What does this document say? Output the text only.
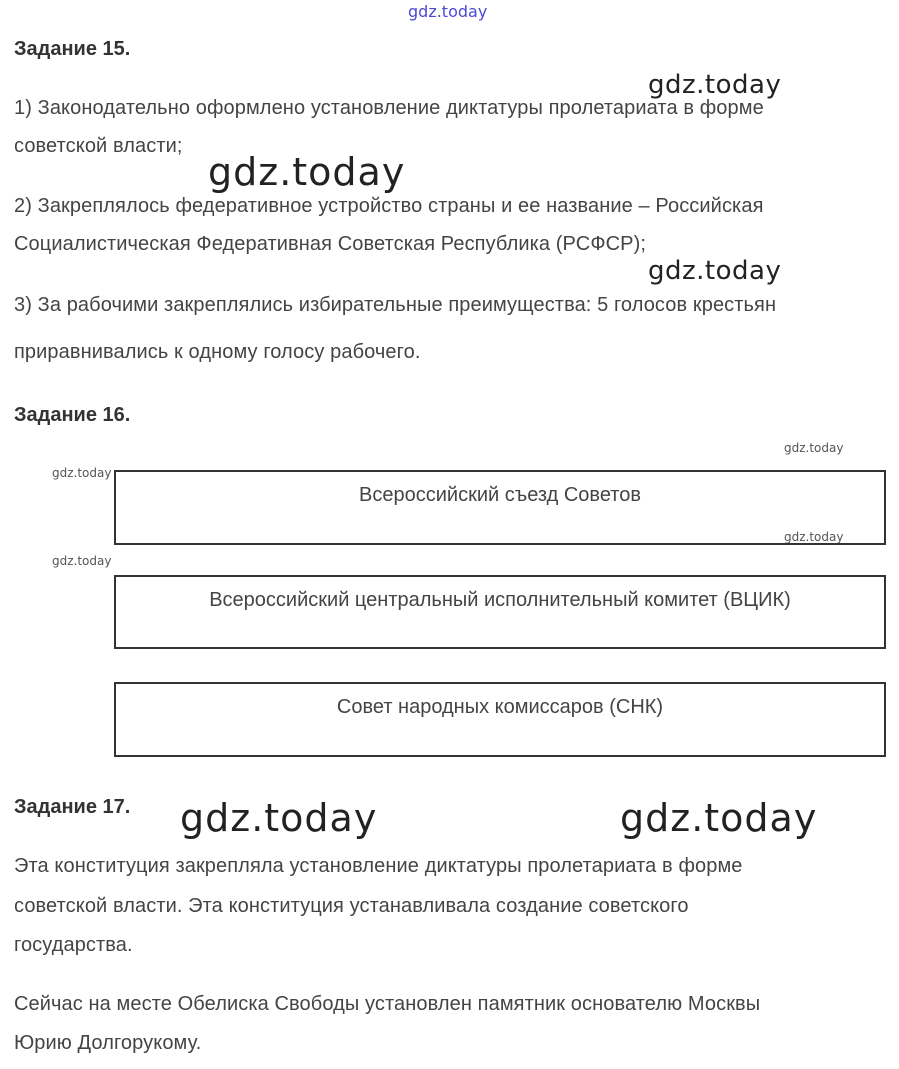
gdz.today
gdz.today
gdz.today
gdz.today
gdz.today
gdz.today
gdz.today
gdz.today
gdz.today	gdz.today
Задание 15.
1) Законодательно оформлено установление диктатуры пролетариата в форме
советской власти;
2) Закреплялось федеративное устройство страны и ее название – Российская
Социалистическая Федеративная Советская Республика (РСФСР);
3) За рабочими закреплялись избирательные преимущества: 5 голосов крестьян
приравнивались к одному голосу рабочего.
Задание 16.
Всероссийский съезд Советов
Всероссийский центральный исполнительный комитет (ВЦИК)
Совет народных комиссаров (СНК)
Задание 17.
Эта конституция закрепляла установление диктатуры пролетариата в форме
советской власти. Эта конституция устанавливала создание советского
государства.
Сейчас на месте Обелиска Свободы установлен памятник основателю Москвы
Юрию Долгорукому.
